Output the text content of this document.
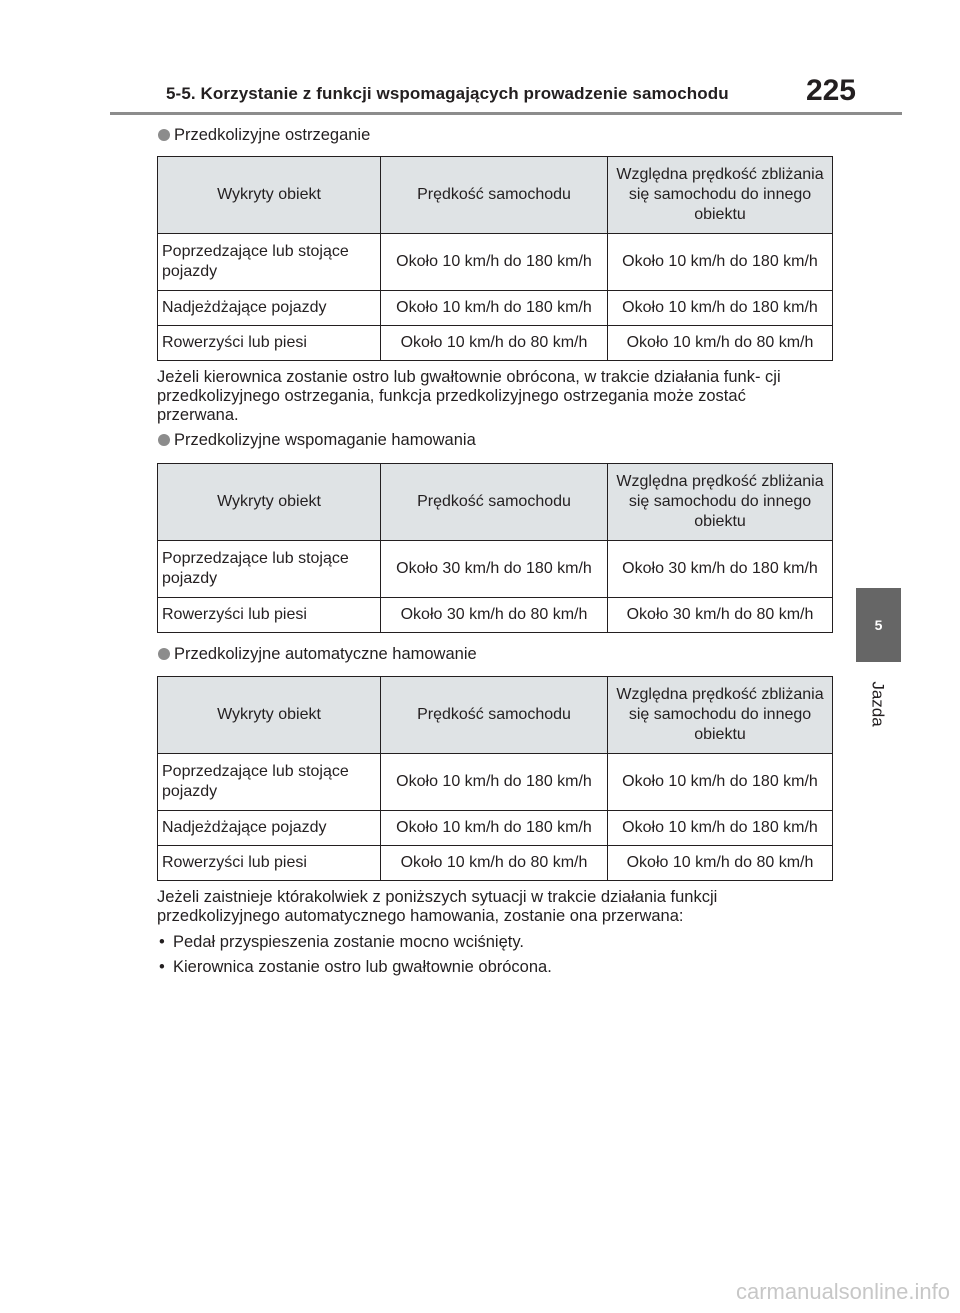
5-5. Korzystanie z funkcji wspomagających prowadzenie samochodu	225
5
Jazda

Przedkolizyjne ostrzeganie

Wykryty obiekt	Prędkość samochodu	Względna prędkość zbliżania się samochodu do innego obiektu
Poprzedzające lub stojące pojazdy	Około 10 km/h do 180 km/h	Około 10 km/h do 180 km/h
Nadjeżdżające pojazdy	Około 10 km/h do 180 km/h	Około 10 km/h do 180 km/h
Rowerzyści lub piesi	Około 10 km/h do 80 km/h	Około 10 km/h do 80 km/h

Jeżeli kierownica zostanie ostro lub gwałtownie obrócona, w trakcie działania funk- cji przedkolizyjnego ostrzegania, funkcja przedkolizyjnego ostrzegania może zostać przerwana.

Przedkolizyjne wspomaganie hamowania

Wykryty obiekt	Prędkość samochodu	Względna prędkość zbliżania się samochodu do innego obiektu
Poprzedzające lub stojące pojazdy	Około 30 km/h do 180 km/h	Około 30 km/h do 180 km/h
Rowerzyści lub piesi	Około 30 km/h do 80 km/h	Około 30 km/h do 80 km/h

Przedkolizyjne automatyczne hamowanie

Wykryty obiekt	Prędkość samochodu	Względna prędkość zbliżania się samochodu do innego obiektu
Poprzedzające lub stojące pojazdy	Około 10 km/h do 180 km/h	Około 10 km/h do 180 km/h
Nadjeżdżające pojazdy	Około 10 km/h do 180 km/h	Około 10 km/h do 180 km/h
Rowerzyści lub piesi	Około 10 km/h do 80 km/h	Około 10 km/h do 80 km/h

Jeżeli zaistnieje którakolwiek z poniższych sytuacji w trakcie działania funkcji przedkolizyjnego automatycznego hamowania, zostanie ona przerwana:

• Pedał przyspieszenia zostanie mocno wciśnięty.

• Kierownica zostanie ostro lub gwałtownie obrócona.

carmanualsonline.info
